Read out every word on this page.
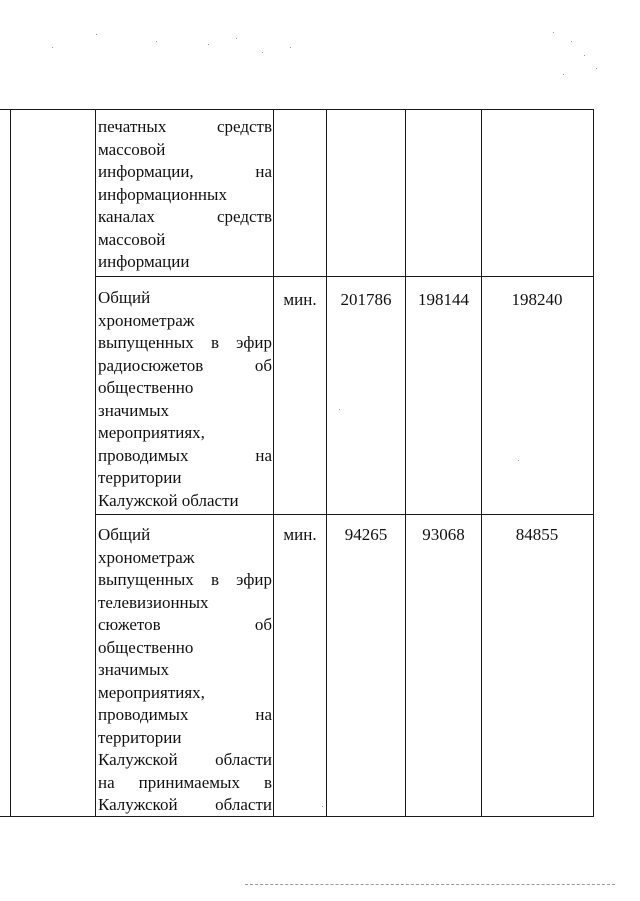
печатных средств
массовой
информации, на
информационных
каналах средств
массовой
информации
Общий
хронометраж
выпущенных в эфир
радиосюжетов об
общественно
значимых
мероприятиях,
проводимых на
территории
Калужской области
мин.	201786	198144	198240
Общий
хронометраж
выпущенных в эфир
телевизионных
сюжетов об
общественно
значимых
мероприятиях,
проводимых на
территории
Калужской области
на принимаемых в
Калужской области
мин.	94265	93068	84855
